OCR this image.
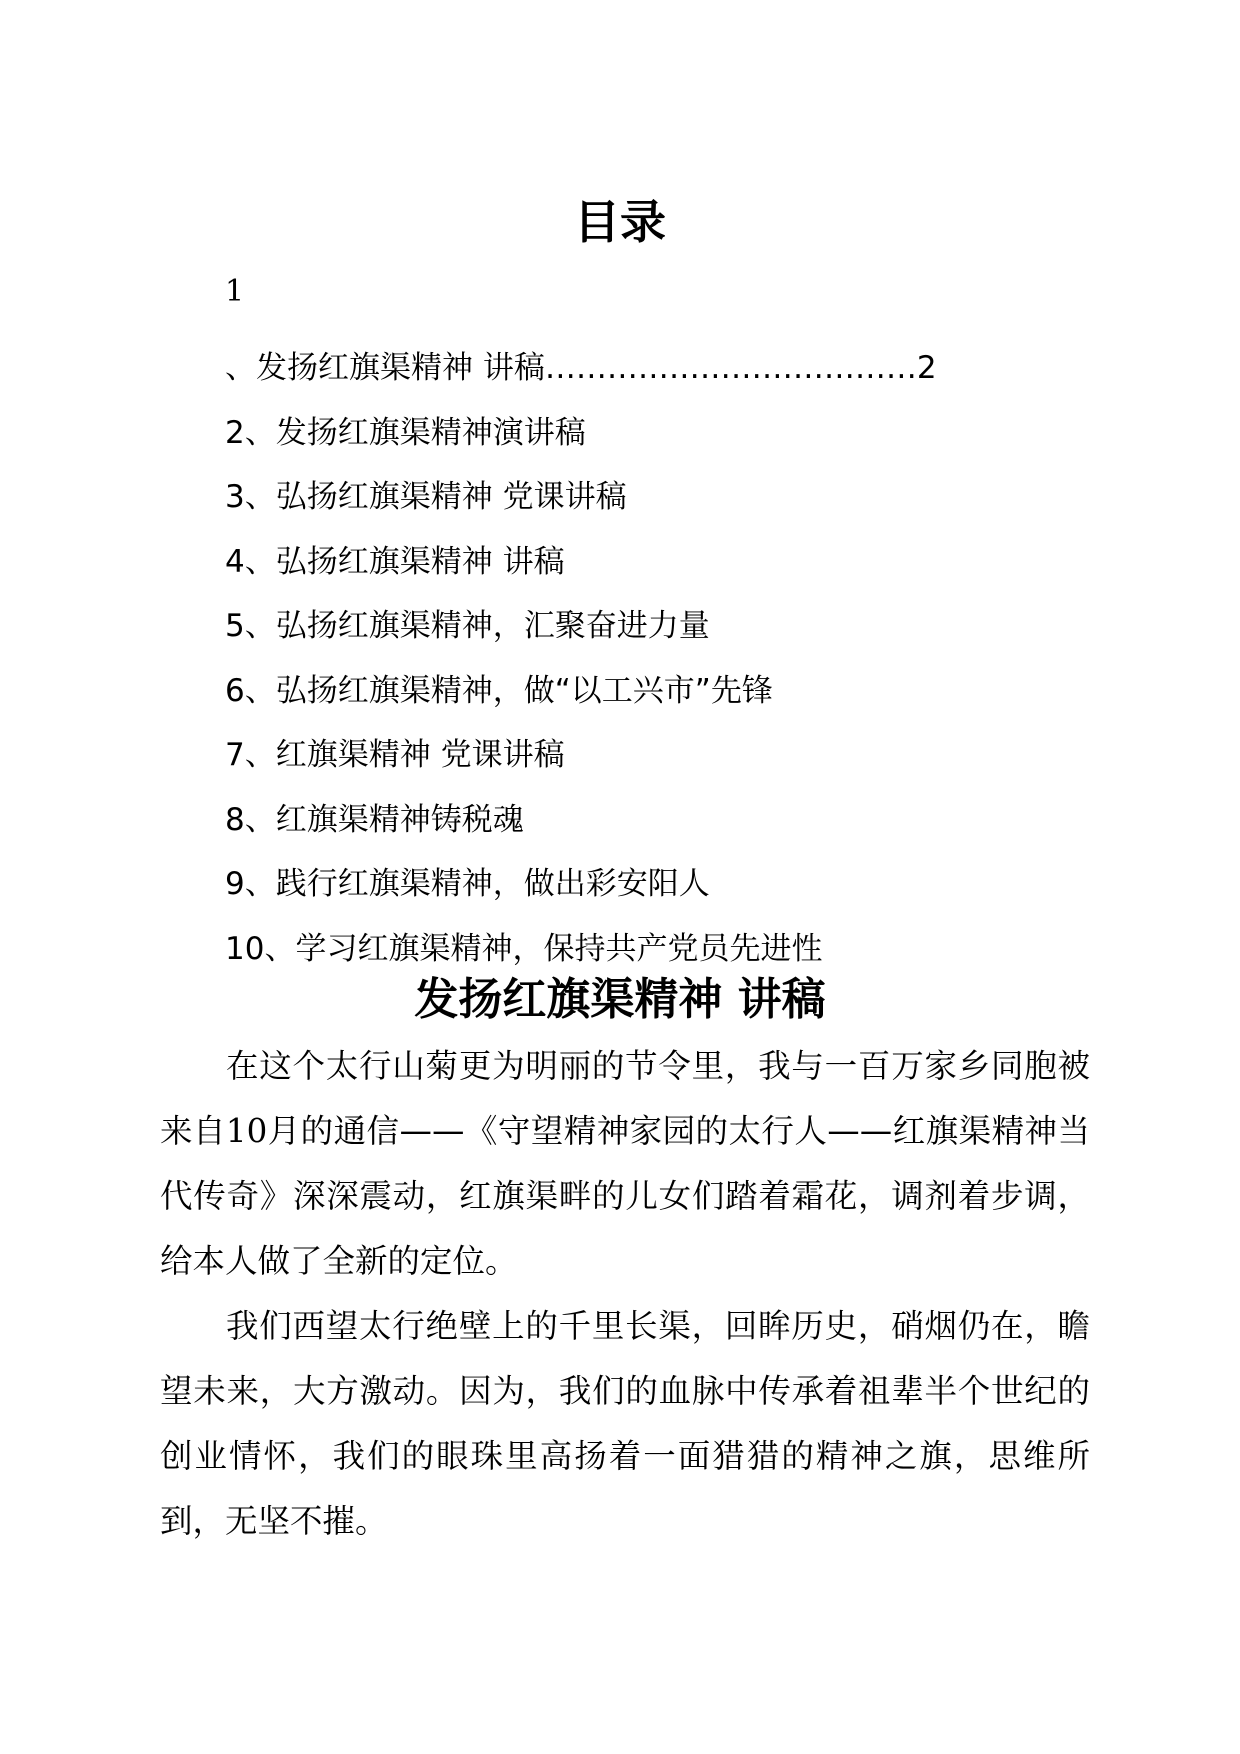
目录
1
、发扬红旗渠精神 讲稿………………………………2
2、发扬红旗渠精神演讲稿
3、弘扬红旗渠精神 党课讲稿
4、弘扬红旗渠精神 讲稿
5、弘扬红旗渠精神，汇聚奋进力量
6、弘扬红旗渠精神，做“以工兴市”先锋
7、红旗渠精神 党课讲稿
8、红旗渠精神铸税魂
9、践行红旗渠精神，做出彩安阳人
10、学习红旗渠精神，保持共产党员先进性
发扬红旗渠精神 讲稿

在这个太行山菊更为明丽的节令里，我与一百万家乡同胞被来自10月的通信——《守望精神家园的太行人——红旗渠精神当代传奇》深深震动，红旗渠畔的儿女们踏着霜花，调剂着步调，给本人做了全新的定位。

我们西望太行绝壁上的千里长渠，回眸历史，硝烟仍在，瞻望未来，大方激动。因为，我们的血脉中传承着祖辈半个世纪的创业情怀，我们的眼珠里高扬着一面猎猎的精神之旗，思维所到，无坚不摧。
